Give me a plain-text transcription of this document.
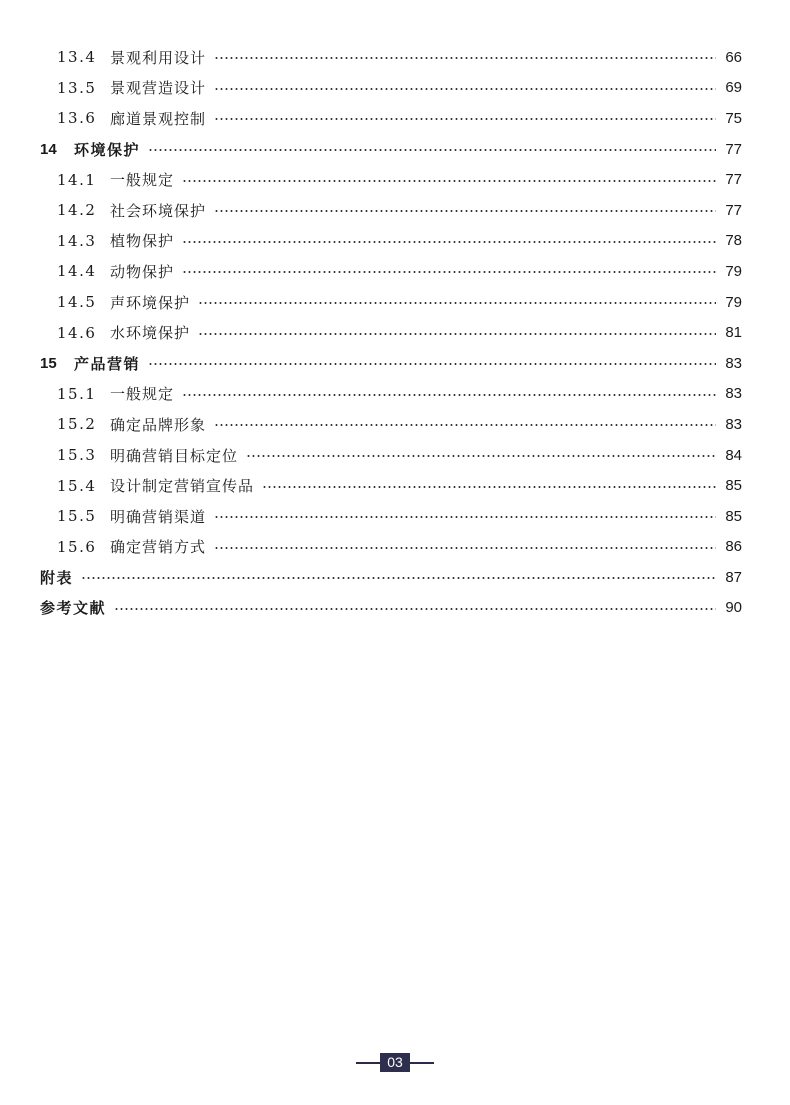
13.4 景观利用设计	66
13.5 景观营造设计	69
13.6 廊道景观控制	75
14	环境保护	77
14.1 一般规定	77
14.2 社会环境保护	77
14.3 植物保护	78
14.4 动物保护	79
14.5 声环境保护	79
14.6 水环境保护	81
15	产品营销	83
15.1 一般规定	83
15.2 确定品牌形象	83
15.3 明确营销目标定位	84
15.4 设计制定营销宣传品	85
15.5 明确营销渠道	85
15.6 确定营销方式	86
附表	87
参考文献	90
03
